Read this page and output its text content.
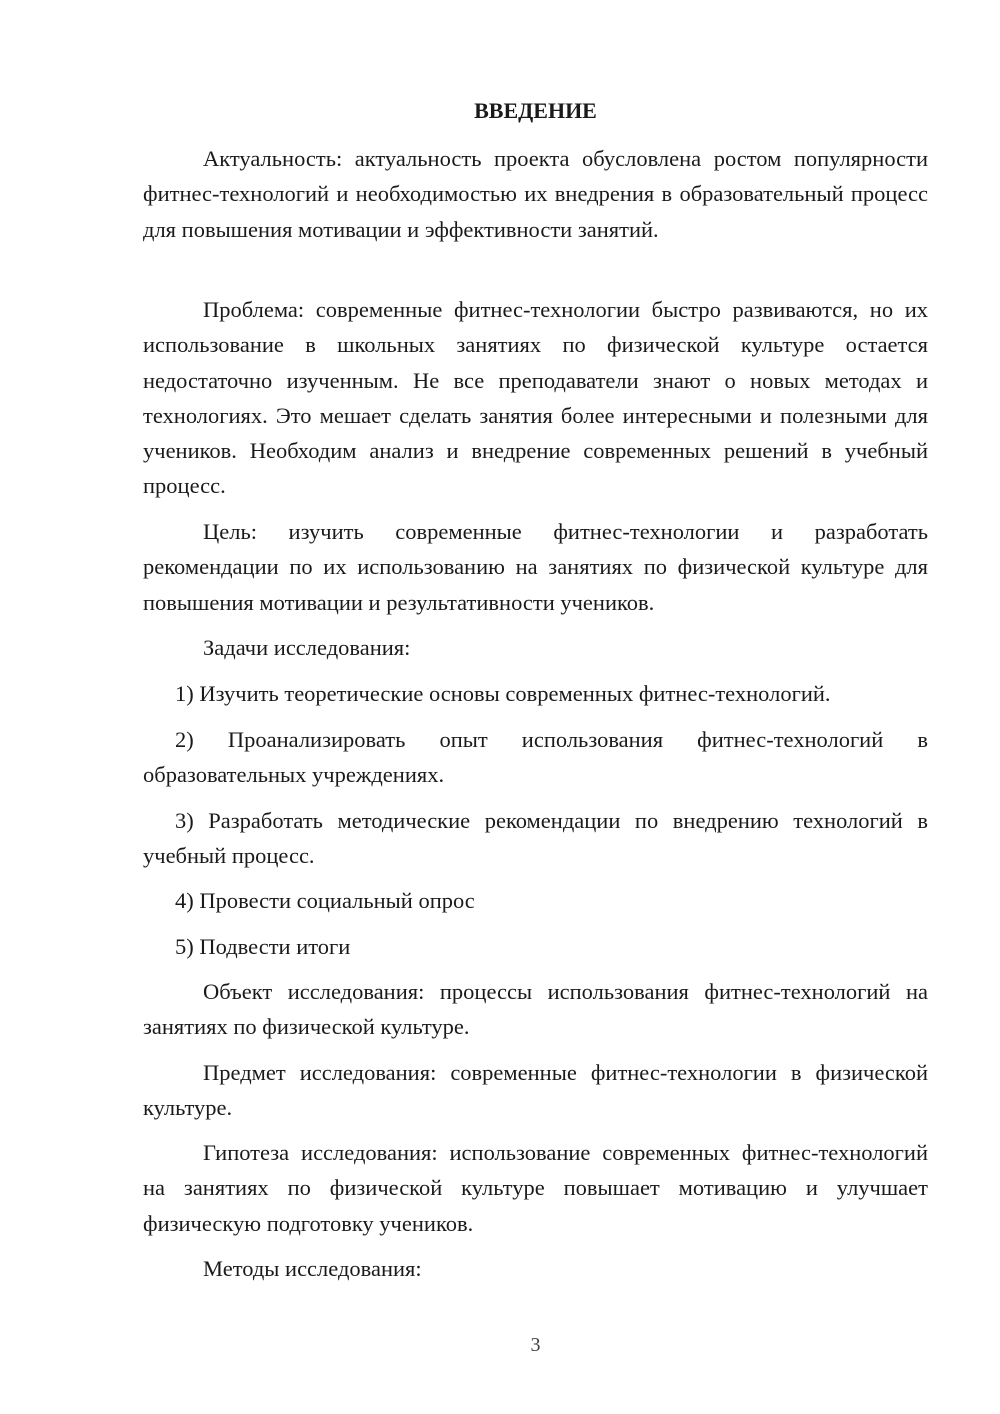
ВВЕДЕНИЕ

Актуальность: актуальность проекта обусловлена ростом популярности фитнес-технологий и необходимостью их внедрения в образовательный процесс для повышения мотивации и эффективности занятий.

Проблема: современные фитнес-технологии быстро развиваются, но их использование в школьных занятиях по физической культуре остается недостаточно изученным. Не все преподаватели знают о новых методах и технологиях. Это мешает сделать занятия более интересными и полезными для учеников. Необходим анализ и внедрение современных решений в учебный процесс.

Цель: изучить современные фитнес-технологии и разработать рекомендации по их использованию на занятиях по физической культуре для повышения мотивации и результативности учеников.

Задачи исследования:

1) Изучить теоретические основы современных фитнес-технологий.

2) Проанализировать опыт использования фитнес-технологий в образовательных учреждениях.

3) Разработать методические рекомендации по внедрению технологий в учебный процесс.

4) Провести социальный опрос

5) Подвести итоги

Объект исследования: процессы использования фитнес-технологий на занятиях по физической культуре.

Предмет исследования: современные фитнес-технологии в физической культуре.

Гипотеза исследования: использование современных фитнес-технологий на занятиях по физической культуре повышает мотивацию и улучшает физическую подготовку учеников.

Методы исследования:

3
